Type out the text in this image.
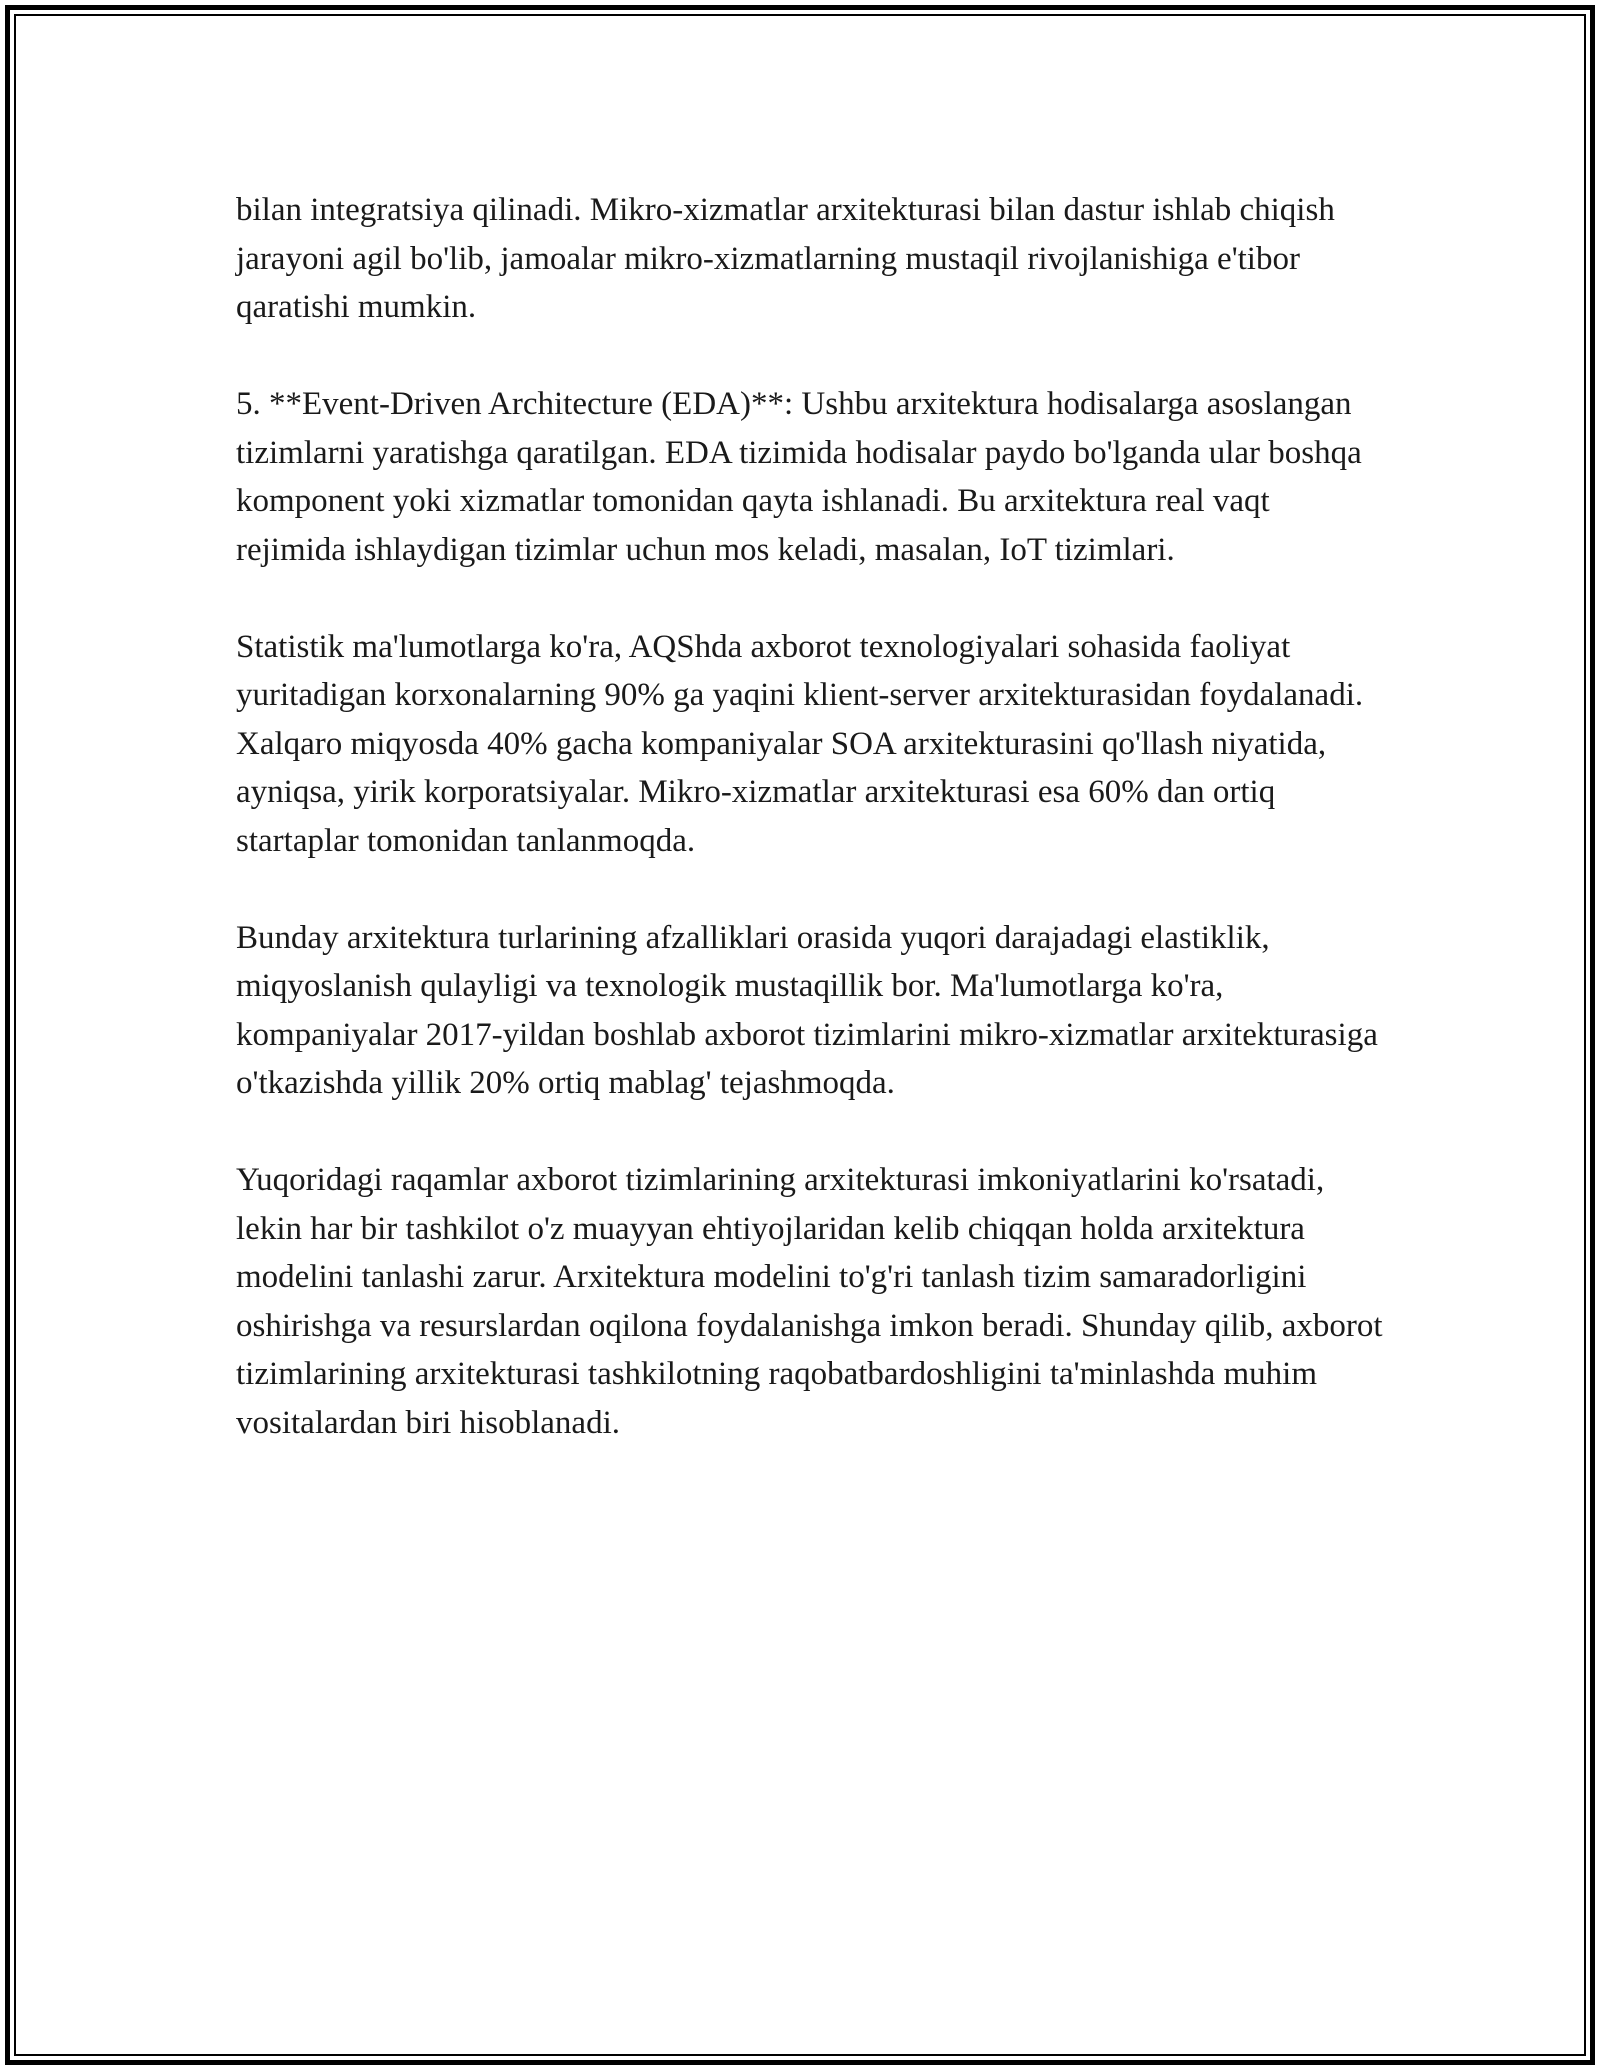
bilan integratsiya qilinadi. Mikro-xizmatlar arxitekturasi bilan dastur ishlab chiqish jarayoni agil bo'lib, jamoalar mikro-xizmatlarning mustaqil rivojlanishiga e'tibor qaratishi mumkin.

5. **Event-Driven Architecture (EDA)**: Ushbu arxitektura hodisalarga asoslangan tizimlarni yaratishga qaratilgan. EDA tizimida hodisalar paydo bo'lganda ular boshqa komponent yoki xizmatlar tomonidan qayta ishlanadi. Bu arxitektura real vaqt rejimida ishlaydigan tizimlar uchun mos keladi, masalan, IoT tizimlari.

Statistik ma'lumotlarga ko'ra, AQShda axborot texnologiyalari sohasida faoliyat yuritadigan korxonalarning 90% ga yaqini klient-server arxitekturasidan foydalanadi. Xalqaro miqyosda 40% gacha kompaniyalar SOA arxitekturasini qo'llash niyatida, ayniqsa, yirik korporatsiyalar. Mikro-xizmatlar arxitekturasi esa 60% dan ortiq startaplar tomonidan tanlanmoqda.

Bunday arxitektura turlarining afzalliklari orasida yuqori darajadagi elastiklik, miqyoslanish qulayligi va texnologik mustaqillik bor. Ma'lumotlarga ko'ra, kompaniyalar 2017-yildan boshlab axborot tizimlarini mikro-xizmatlar arxitekturasiga o'tkazishda yillik 20% ortiq mablag' tejashmoqda.

Yuqoridagi raqamlar axborot tizimlarining arxitekturasi imkoniyatlarini ko'rsatadi, lekin har bir tashkilot o'z muayyan ehtiyojlaridan kelib chiqqan holda arxitektura modelini tanlashi zarur. Arxitektura modelini to'g'ri tanlash tizim samaradorligini oshirishga va resurslardan oqilona foydalanishga imkon beradi. Shunday qilib, axborot tizimlarining arxitekturasi tashkilotning raqobatbardoshligini ta'minlashda muhim vositalardan biri hisoblanadi.
